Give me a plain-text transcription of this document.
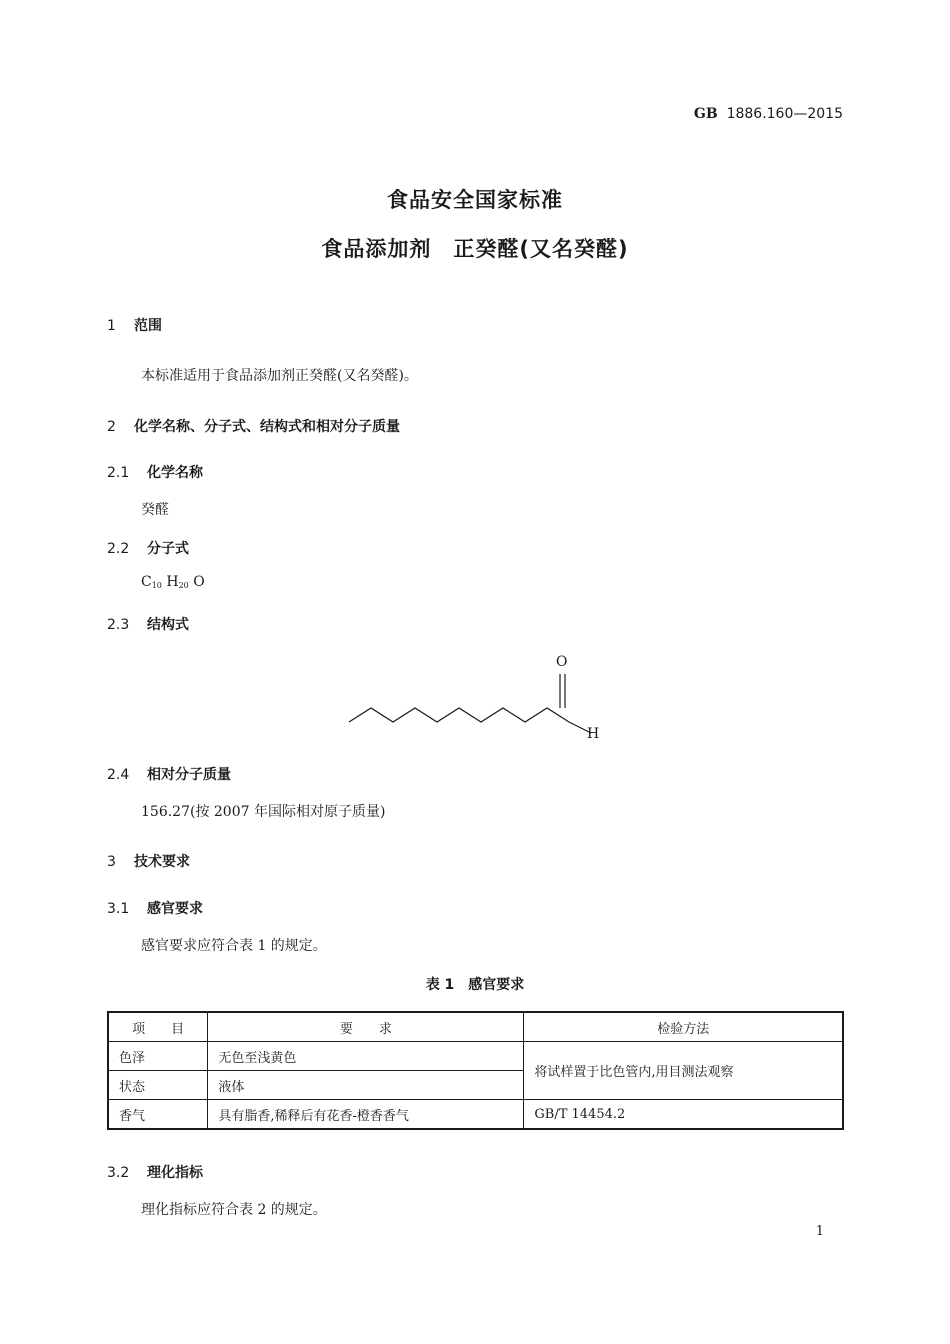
GB 1886.160—2015
食品安全国家标准
食品添加剂　正癸醛(又名癸醛)
1 范围
本标准适用于食品添加剂正癸醛(又名癸醛)。
2 化学名称、分子式、结构式和相对分子质量
2.1 化学名称
癸醛
2.2 分子式
$C_{10}$ $H_{20}$ O
2.3 结构式
O
H
2.4 相对分子质量
156.27(按 2007 年国际相对原子质量)
3 技术要求
3.1 感官要求
感官要求应符合表 1 的规定。
表 1　感官要求
项　　目	要　　求	检验方法
色泽	无色至浅黄色	将试样置于比色管内,用目测法观察
状态	液体	
香气	具有脂香,稀释后有花香-橙香香气	GB/T 14454.2
3.2 理化指标
理化指标应符合表 2 的规定。
1
